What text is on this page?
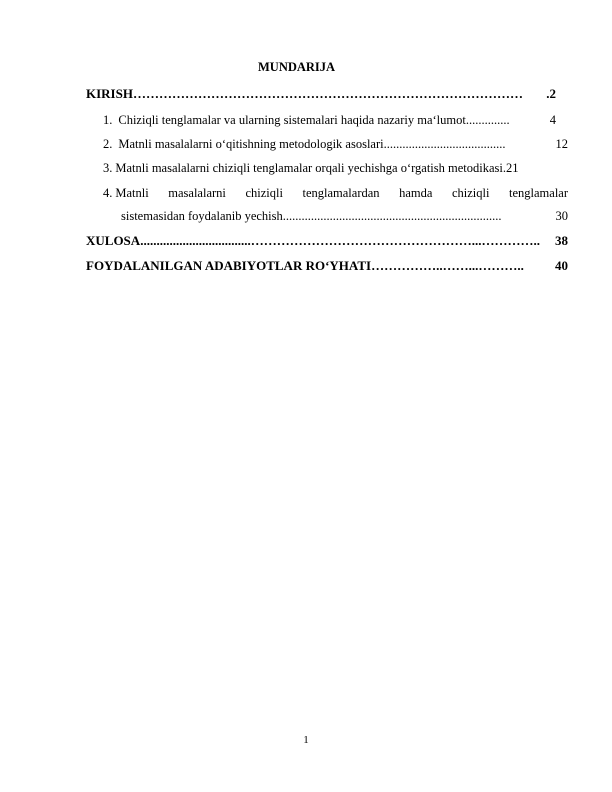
MUNDARIJA
KIRISH ………………………………………………………………………………	.2
1. Chiziqli tenglamalar va ularning sistemalari haqida nazariy ma‘lumot ..............	4
2. Matnli masalalarni o‘qitishning metodologik asoslari .......................................	12
3. Matnli masalalarni chiziqli tenglamalar orqali yechishga o‘rgatish metodikasi . 21
4. Matnli masalalarni chiziqli tenglamalardan hamda chiziqli tenglamalar
sistemasidan foydalanib yechish ......................................................................	30
XULOSA ..................................……………………………………………...…………..	38
FOYDALANILGAN ADABIYOTLAR RO‘YHATI ……………..……...………..	40
1
